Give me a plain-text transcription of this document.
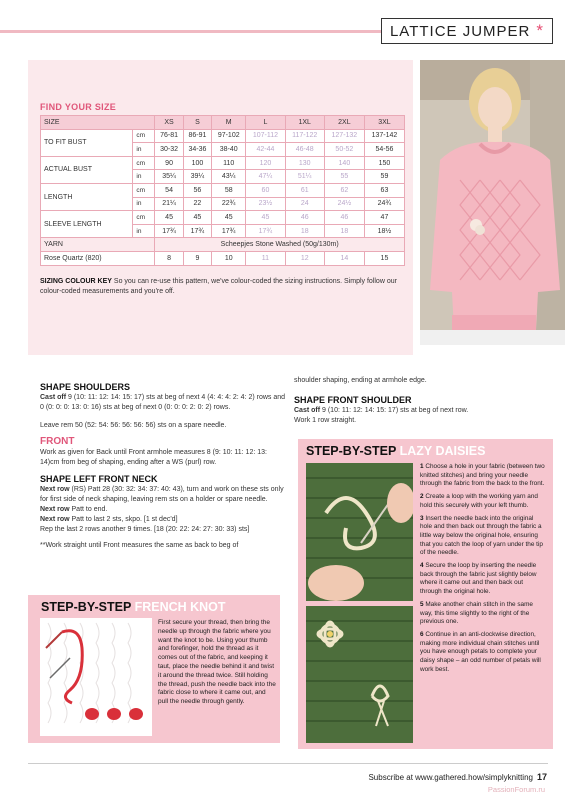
LATTICE JUMPER *
FIND YOUR SIZE
SIZE		XS	S	M	L	1XL	2XL	3XL
TO FIT BUST	cm	76-81	86-91	97-102	107-112	117-122	127-132	137-142
	in	30-32	34-36	38-40	42-44	46-48	50-52	54-56
ACTUAL BUST	cm	90	100	110	120	130	140	150
	in	35¼	39¼	43¼	47¼	51¼	55	59
LENGTH	cm	54	56	58	60	61	62	63
	in	21¼	22	22¾	23½	24	24½	24¾
SLEEVE LENGTH	cm	45	45	45	45	46	46	47
	in	17¾	17¾	17¾	17¾	18	18	18½
YARN		Scheepjes Stone Washed (50g/130m)						
Rose Quartz (820)		8	9	10	11	12	14	15
SIZING COLOUR KEY So you can re-use this pattern, we've colour-coded the sizing instructions. Simply follow our colour-coded measurements and you're off.
SHAPE SHOULDERS

Cast off 9 (10: 11: 12: 14: 15: 17) sts at beg of next 4 (4: 4: 4: 2: 4: 2) rows and 0 (0: 0: 0: 13: 0: 16) sts at beg of next 0 (0: 0: 0: 2: 0: 2) rows.

Leave rem 50 (52: 54: 56: 56: 56: 56) sts on a spare needle.

FRONT

Work as given for Back until Front armhole measures 8 (9: 10: 11: 12: 13: 14)cm from beg of shaping, ending after a WS (purl) row.

SHAPE LEFT FRONT NECK

Next row (RS) Patt 28 (30: 32: 34: 37: 40: 43), turn and work on these sts only for first side of neck shaping, leaving rem sts on a holder or spare needle.

Next row Patt to end.

Next row Patt to last 2 sts, skpo. [1 st dec'd]

Rep the last 2 rows another 9 times. [18 (20: 22: 24: 27: 30: 33) sts]

**Work straight until Front measures the same as back to beg of

shoulder shaping, ending at armhole edge.

SHAPE FRONT SHOULDER

Cast off 9 (10: 11: 12: 14: 15: 17) sts at beg of next row.

Work 1 row straight.

STEP-BY-STEP FRENCH KNOT
First secure your thread, then bring the needle up through the fabric where you want the knot to be. Using your thumb and forefinger, hold the thread as it comes out of the fabric, and keeping it taut, place the needle behind it and twist it around the thread twice. Still holding the thread, push the needle back into the fabric close to where it came out, and pull the needle through gently.
STEP-BY-STEP LAZY DAISIES

1 Choose a hole in your fabric (between two knitted stitches) and bring your needle through the fabric from the back to the front.

2 Create a loop with the working yarn and hold this securely with your left thumb.

3 Insert the needle back into the original hole and then back out through the fabric a little way below the original hole, ensuring that you catch the loop of yarn under the tip of the needle.

4 Secure the loop by inserting the needle back through the fabric just slightly below where it came out and then back out through the original hole.

5 Make another chain stitch in the same way, this time slightly to the right of the previous one.

6 Continue in an anti-clockwise direction, making more individual chain stitches until you have enough petals to complete your daisy shape – an odd number of petals will work best.

Subscribe at www.gathered.how/simplyknitting 17
PassionForum.ru
